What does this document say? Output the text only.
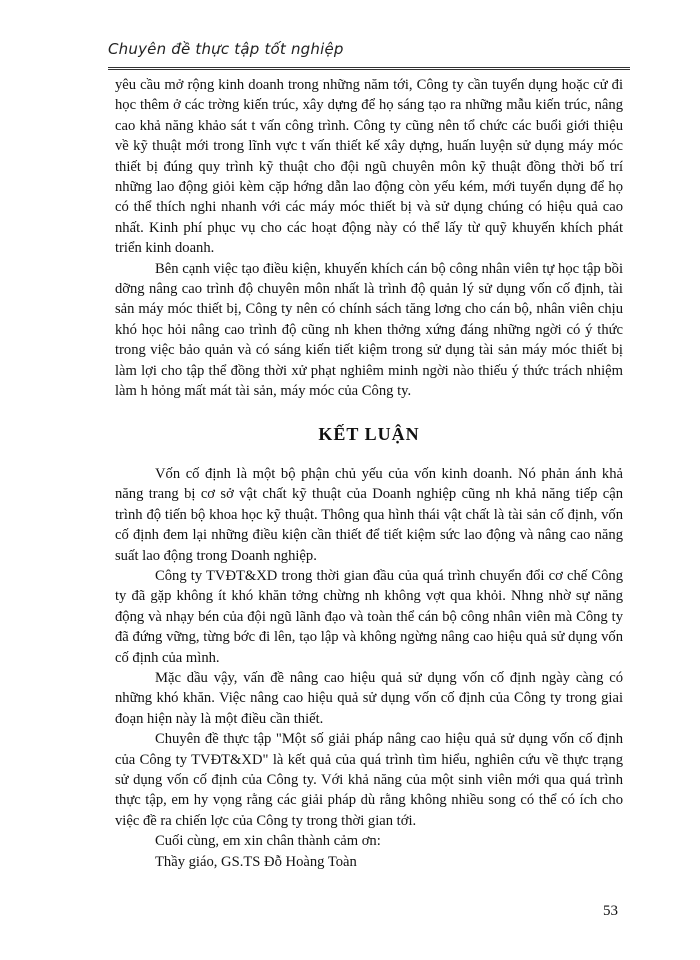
Chuyên đề thực tập tốt nghiệp

yêu cầu mở rộng kinh doanh trong những năm tới, Công ty cần tuyển dụng hoặc cử đi học thêm ở các trờng kiến trúc, xây dựng để họ sáng tạo ra những mẫu kiến trúc, nâng cao khả năng khảo sát t vấn công trình. Công ty cũng nên tổ chức các buổi giới thiệu về kỹ thuật mới trong lĩnh vực t vấn thiết kế xây dựng, huấn luyện sử dụng máy móc thiết bị đúng quy trình kỹ thuật cho đội ngũ chuyên môn kỹ thuật đồng thời bố trí những lao động giỏi kèm cặp hớng dẫn lao động còn yếu kém, mới tuyển dụng để họ có thể thích nghi nhanh với các máy móc thiết bị và sử dụng chúng có hiệu quả cao nhất. Kinh phí phục vụ cho các hoạt động này có thể lấy từ quỹ khuyến khích phát triển kinh doanh.

Bên cạnh việc tạo điều kiện, khuyến khích cán bộ công nhân viên tự học tập bồi dỡng nâng cao trình độ chuyên môn nhất là trình độ quản lý sử dụng vốn cố định, tài sản máy móc thiết bị, Công ty nên có chính sách tăng lơng cho cán bộ, nhân viên chịu khó học hỏi nâng cao trình độ cũng nh khen thởng xứng đáng những ngời có ý thức trong việc bảo quản và có sáng kiến tiết kiệm trong sử dụng tài sản máy móc thiết bị làm lợi cho tập thể đồng thời xử phạt nghiêm minh ngời nào thiếu ý thức trách nhiệm làm h hỏng mất mát tài sản, máy móc của Công ty.

KẾT LUẬN

Vốn cố định là một bộ phận chủ yếu của vốn kinh doanh. Nó phản ánh khả năng trang bị cơ sở vật chất kỹ thuật của Doanh nghiệp cũng nh khả năng tiếp cận trình độ tiến bộ khoa học kỹ thuật. Thông qua hình thái vật chất là tài sản cố định, vốn cố định đem lại những điều kiện cần thiết để tiết kiệm sức lao động và nâng cao năng suất lao động trong Doanh nghiệp.

Công ty TVĐT&XD trong thời gian đầu của quá trình chuyển đổi cơ chế Công ty đã gặp không ít khó khăn tởng chừng nh không vợt qua khỏi. Nhng nhờ sự năng động và nhạy bén của đội ngũ lãnh đạo và toàn thể cán bộ công nhân viên mà Công ty đã đứng vững, từng bớc đi lên, tạo lập và không ngừng nâng cao hiệu quả sử dụng vốn cố định của mình.

Mặc dầu vậy, vấn đề nâng cao hiệu quả sử dụng vốn cố định ngày càng có những khó khăn. Việc nâng cao hiệu quả sử dụng vốn cố định của Công ty trong giai đoạn hiện này là một điều cần thiết.

Chuyên đề thực tập "Một số giải pháp nâng cao hiệu quả sử dụng vốn cố định của Công ty TVĐT&XD" là kết quả của quá trình tìm hiểu, nghiên cứu về thực trạng sử dụng vốn cố định của Công ty. Với khả năng của một sinh viên mới qua quá trình thực tập, em hy vọng rằng các giải pháp dù rằng không nhiều song có thể có ích cho việc đề ra chiến lợc của Công ty trong thời gian tới.

Cuối cùng, em xin chân thành cảm ơn:

Thầy giáo, GS.TS Đỗ Hoàng Toàn

53
